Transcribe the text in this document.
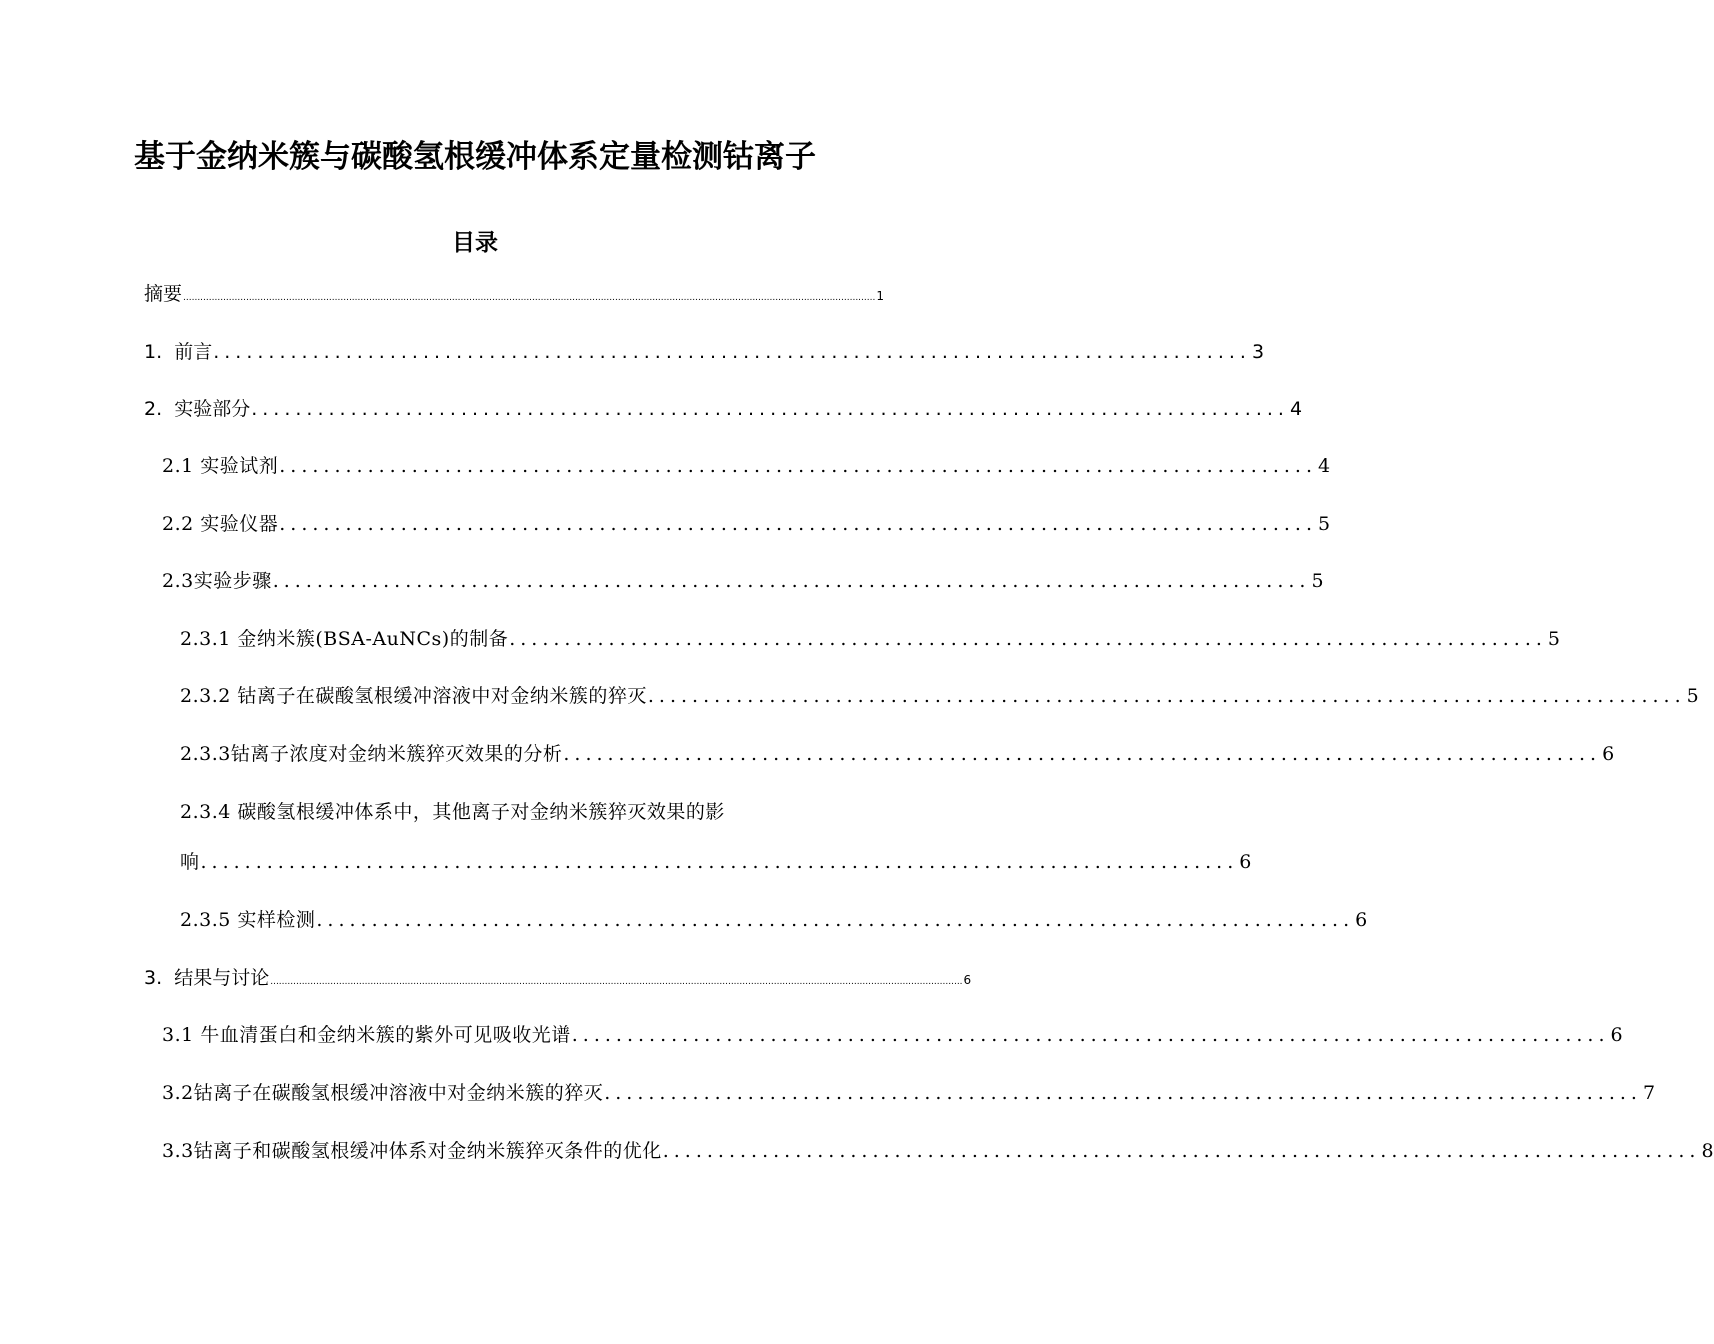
基于金纳米簇与碳酸氢根缓冲体系定量检测钴离子
目录
摘要 .................................................................................................................................................................................................................................................. 1
1.  前言 .............................................................................................. 3
2.  实验部分 .............................................................................................. 4
2.1 实验试剂 .............................................................................................. 4
2.2 实验仪器 .............................................................................................. 5
2.3实验步骤 .............................................................................................. 5
2.3.1 金纳米簇(BSA-AuNCs)的制备 .............................................................................................. 5
2.3.2 钴离子在碳酸氢根缓冲溶液中对金纳米簇的猝灭 .............................................................................................. 5
2.3.3钴离子浓度对金纳米簇猝灭效果的分析 .............................................................................................. 6
2.3.4 碳酸氢根缓冲体系中，其他离子对金纳米簇猝灭效果的影
响 .............................................................................................. 6
2.3.5 实样检测 .............................................................................................. 6
3.  结果与讨论 .................................................................................................................................................................................................................................................. 6
3.1 牛血清蛋白和金纳米簇的紫外可见吸收光谱 .............................................................................................. 6
3.2钴离子在碳酸氢根缓冲溶液中对金纳米簇的猝灭 .............................................................................................. 7
3.3钴离子和碳酸氢根缓冲体系对金纳米簇猝灭条件的优化 .............................................................................................. 8
